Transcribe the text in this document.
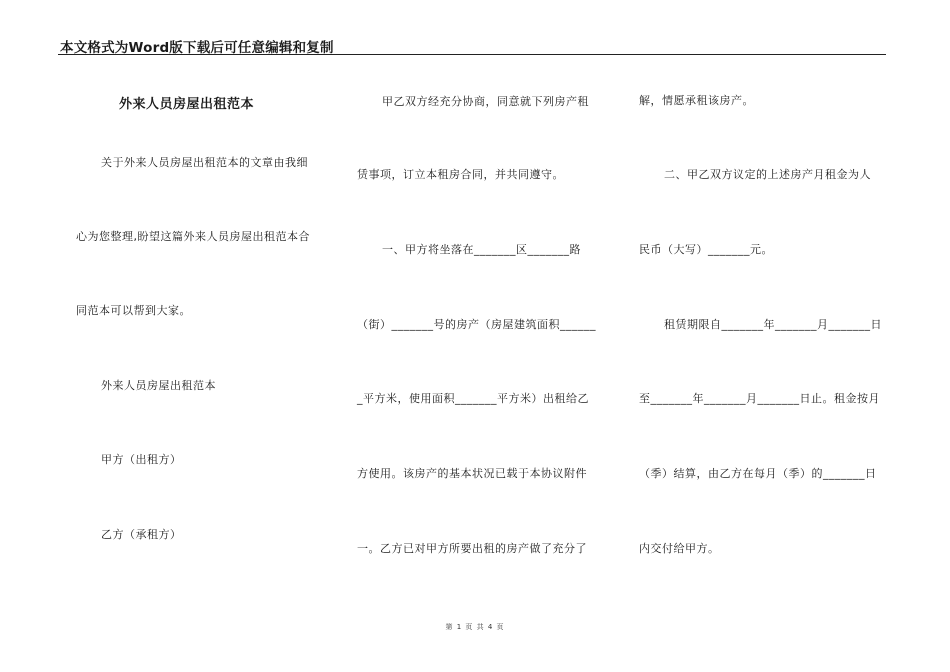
本文格式为Word版下载后可任意编辑和复制
外来人员房屋出租范本
关于外来人员房屋出租范本的文章由我细
心为您整理,盼望这篇外来人员房屋出租范本合
同范本可以帮到大家。
外来人员房屋出租范本
甲方（出租方）
乙方（承租方）
甲乙双方经充分协商，同意就下列房产租
赁事项，订立本租房合同，并共同遵守。
一、甲方将坐落在_______区_______路
（街）_______号的房产（房屋建筑面积______
_平方米，使用面积_______平方米）出租给乙
方使用。该房产的基本状况已载于本协议附件
一。乙方已对甲方所要出租的房产做了充分了
解，情愿承租该房产。
二、甲乙双方议定的上述房产月租金为人
民币（大写）_______元。
租赁期限自_______年_______月_______日
至_______年_______月_______日止。租金按月
（季）结算，由乙方在每月（季）的_______日
内交付给甲方。
第 1 页 共 4 页
